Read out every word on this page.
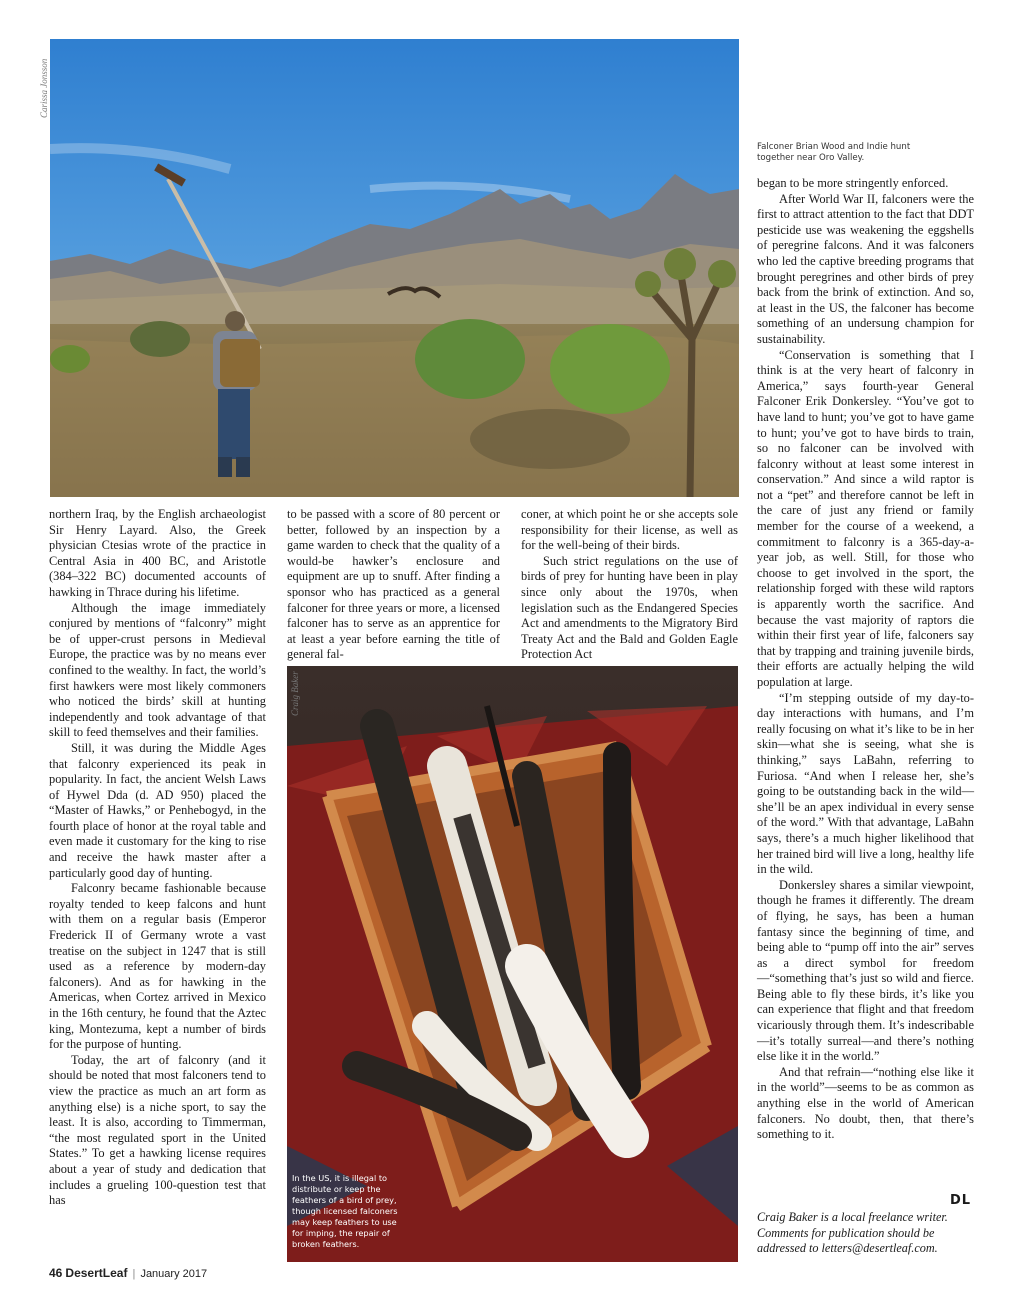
Carissa Jonsson
Falconer Brian Wood and Indie hunt together near Oro Valley.

northern Iraq, by the English archaeologist Sir Henry Layard. Also, the Greek physician Ctesias wrote of the practice in Central Asia in 400 BC, and Aristotle (384–322 BC) documented accounts of hawking in Thrace during his lifetime.

Although the image immediately conjured by mentions of “falconry” might be of upper-crust persons in Medieval Europe, the practice was by no means ever confined to the wealthy. In fact, the world’s first hawkers were most likely commoners who noticed the birds’ skill at hunting independently and took advantage of that skill to feed themselves and their families.

Still, it was during the Middle Ages that falconry experienced its peak in popularity. In fact, the ancient Welsh Laws of Hywel Dda (d. AD 950) placed the “Master of Hawks,” or Penhebogyd, in the fourth place of honor at the royal table and even made it customary for the king to rise and receive the hawk master after a particularly good day of hunting.

Falconry became fashionable because royalty tended to keep falcons and hunt with them on a regular basis (Emperor Frederick II of Germany wrote a vast treatise on the subject in 1247 that is still used as a reference by modern-day falconers). And as for hawking in the Americas, when Cortez arrived in Mexico in the 16th century, he found that the Aztec king, Montezuma, kept a number of birds for the purpose of hunting.

Today, the art of falconry (and it should be noted that most falconers tend to view the practice as much an art form as anything else) is a niche sport, to say the least. It is also, according to Timmerman, “the most regulated sport in the United States.” To get a hawking license requires about a year of study and dedication that includes a grueling 100-question test that has

to be passed with a score of 80 percent or better, followed by an inspection by a game warden to check that the quality of a would-be hawker’s enclosure and equipment are up to snuff. After finding a sponsor who has practiced as a general falconer for three years or more, a licensed falconer has to serve as an apprentice for at least a year before earning the title of general fal-

coner, at which point he or she accepts sole responsibility for their license, as well as for the well-being of their birds.

Such strict regulations on the use of birds of prey for hunting have been in play since only about the 1970s, when legislation such as the Endangered Species Act and amendments to the Migratory Bird Treaty Act and the Bald and Golden Eagle Protection Act

Craig Baker
In the US, it is illegal to distribute or keep the feathers of a bird of prey, though licensed falconers may keep feathers to use for imping, the repair of broken feathers.

began to be more stringently enforced.

After World War II, falconers were the first to attract attention to the fact that DDT pesticide use was weakening the eggshells of peregrine falcons. And it was falconers who led the captive breeding programs that brought peregrines and other birds of prey back from the brink of extinction. And so, at least in the US, the falconer has become something of an undersung champion for sustainability.

“Conservation is something that I think is at the very heart of falconry in America,” says fourth-year General Falconer Erik Donkersley. “You’ve got to have land to hunt; you’ve got to have game to hunt; you’ve got to have birds to train, so no falconer can be involved with falconry without at least some interest in conservation.” And since a wild raptor is not a “pet” and therefore cannot be left in the care of just any friend or family member for the course of a weekend, a commitment to falconry is a 365-day-a-year job, as well. Still, for those who choose to get involved in the sport, the relationship forged with these wild raptors is apparently worth the sacrifice. And because the vast majority of raptors die within their first year of life, falconers say that by trapping and training juvenile birds, their efforts are actually helping the wild population at large.

“I’m stepping outside of my day-to-day interactions with humans, and I’m really focusing on what it’s like to be in her skin—what she is seeing, what she is thinking,” says LaBahn, referring to Furiosa. “And when I release her, she’s going to be outstanding back in the wild—she’ll be an apex individual in every sense of the word.” With that advantage, LaBahn says, there’s a much higher likelihood that her trained bird will live a long, healthy life in the wild.

Donkersley shares a similar viewpoint, though he frames it differently. The dream of flying, he says, has been a human fantasy since the beginning of time, and being able to “pump off into the air” serves as a direct symbol for freedom—“something that’s just so wild and fierce. Being able to fly these birds, it’s like you can experience that flight and that freedom vicariously through them. It’s indescribable—it’s totally surreal—and there’s nothing else like it in the world.”

And that refrain—“nothing else like it in the world”—seems to be as common as anything else in the world of American falconers. No doubt, then, that there’s something to it.

DL
Craig Baker is a local freelance writer. Comments for publication should be addressed to letters@desertleaf.com.
46 DesertLeaf | January 2017
